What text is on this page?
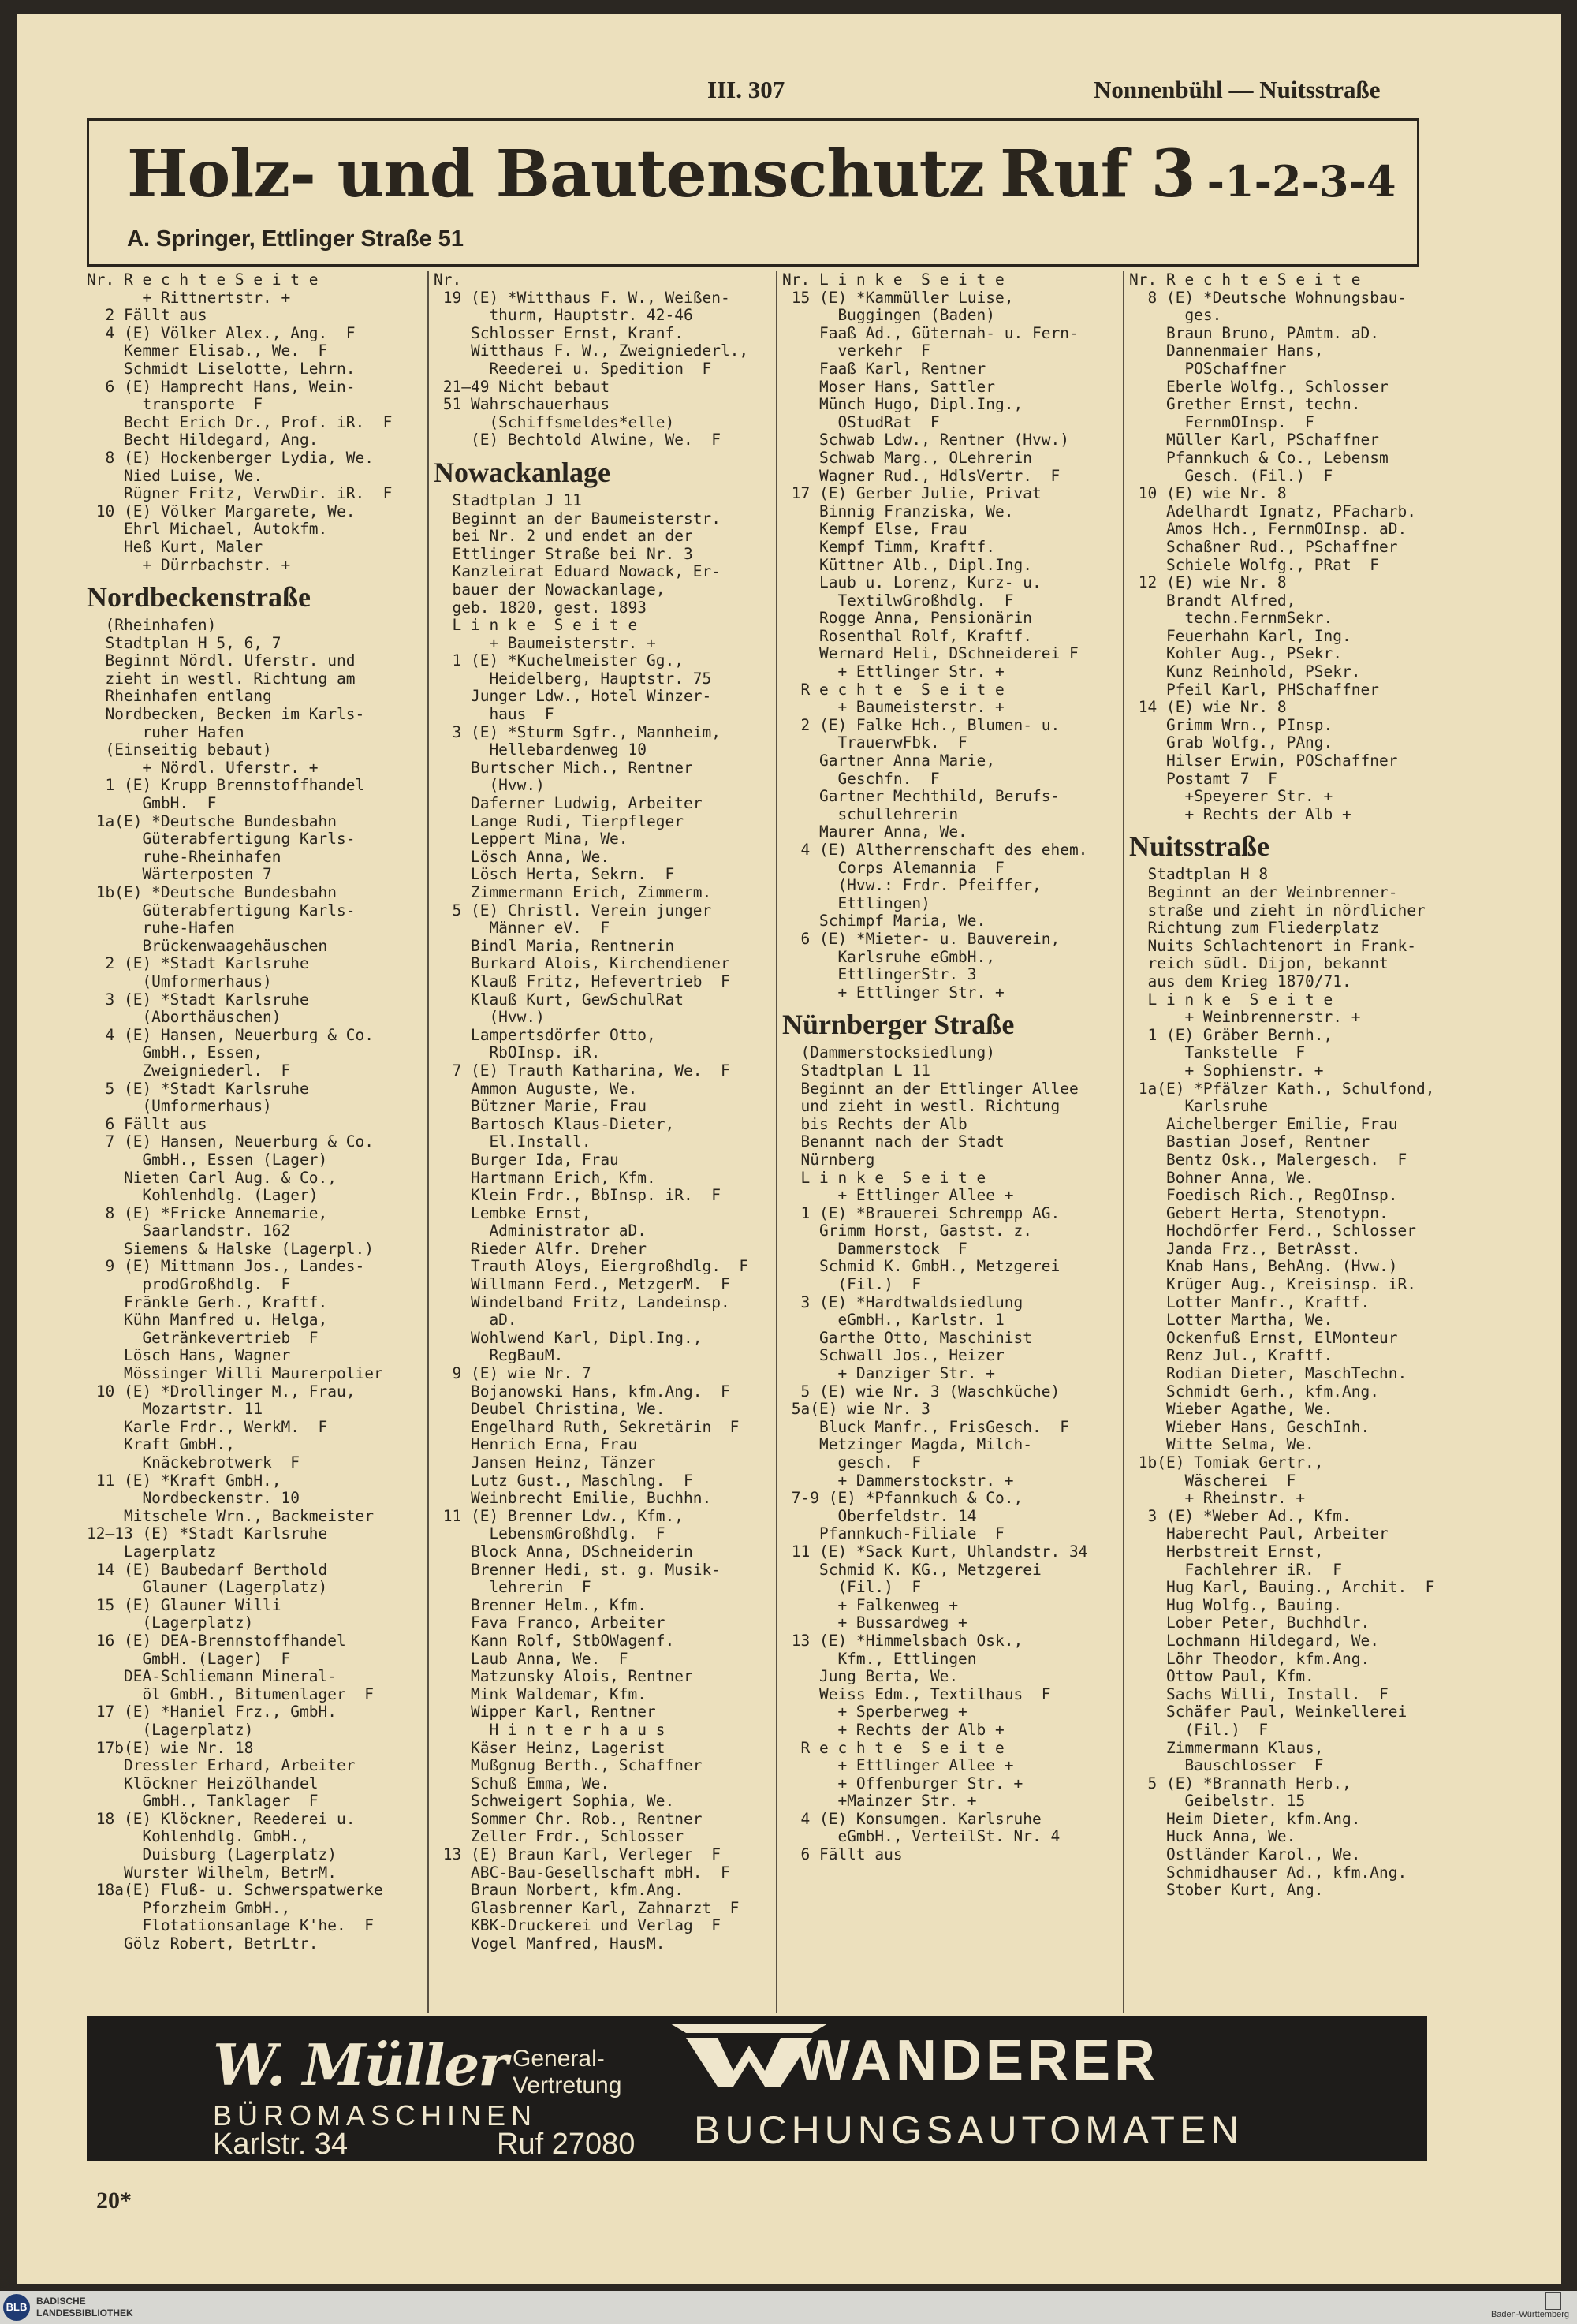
III. 307	Nonnenbühl — Nuitsstraße
Holz- und Bautenschutz Ruf 3 -1-2-3-4
A. Springer, Ettlinger Straße 51
Nr. R e c h t e S e i t e
+ Rittnertstr. +
2 Fällt aus
4 (E) Völker Alex., Ang.  F
Kemmer Elisab., We.  F
Schmidt Liselotte, Lehrn.
6 (E) Hamprecht Hans, Wein-
transporte  F
Becht Erich Dr., Prof. iR.  F
Becht Hildegard, Ang.
8 (E) Hockenberger Lydia, We.
Nied Luise, We.
Rügner Fritz, VerwDir. iR.  F
10 (E) Völker Margarete, We.
Ehrl Michael, Autokfm.
Heß Kurt, Maler
+ Dürrbachstr. +
Nordbeckenstraße
(Rheinhafen)
Stadtplan H 5, 6, 7
Beginnt Nördl. Uferstr. und
zieht in westl. Richtung am
Rheinhafen entlang
Nordbecken, Becken im Karls-
ruher Hafen
(Einseitig bebaut)
+ Nördl. Uferstr. +
1 (E) Krupp Brennstoffhandel
GmbH.  F
1a(E) *Deutsche Bundesbahn
Güterabfertigung Karls-
ruhe-Rheinhafen
Wärterposten 7
1b(E) *Deutsche Bundesbahn
Güterabfertigung Karls-
ruhe-Hafen
Brückenwaagehäuschen
2 (E) *Stadt Karlsruhe
(Umformerhaus)
3 (E) *Stadt Karlsruhe
(Aborthäuschen)
4 (E) Hansen, Neuerburg & Co.
GmbH., Essen,
Zweigniederl.  F
5 (E) *Stadt Karlsruhe
(Umformerhaus)
6 Fällt aus
7 (E) Hansen, Neuerburg & Co.
GmbH., Essen (Lager)
Nieten Carl Aug. & Co.,
Kohlenhdlg. (Lager)
8 (E) *Fricke Annemarie,
Saarlandstr. 162
Siemens & Halske (Lagerpl.)
9 (E) Mittmann Jos., Landes-
prodGroßhdlg.  F
Fränkle Gerh., Kraftf.
Kühn Manfred u. Helga,
Getränkevertrieb  F
Lösch Hans, Wagner
Mössinger Willi Maurerpolier
10 (E) *Drollinger M., Frau,
Mozartstr. 11
Karle Frdr., WerkM.  F
Kraft GmbH.,
Knäckebrotwerk  F
11 (E) *Kraft GmbH.,
Nordbeckenstr. 10
Mitschele Wrn., Backmeister
12—13 (E) *Stadt Karlsruhe
Lagerplatz
14 (E) Baubedarf Berthold
Glauner (Lagerplatz)
15 (E) Glauner Willi
(Lagerplatz)
16 (E) DEA-Brennstoffhandel
GmbH. (Lager)  F
DEA-Schliemann Mineral-
öl GmbH., Bitumenlager  F
17 (E) *Haniel Frz., GmbH.
(Lagerplatz)
17b(E) wie Nr. 18
Dressler Erhard, Arbeiter
Klöckner Heizölhandel
GmbH., Tanklager  F
18 (E) Klöckner, Reederei u.
Kohlenhdlg. GmbH.,
Duisburg (Lagerplatz)
Wurster Wilhelm, BetrM.
18a(E) Fluß- u. Schwerspatwerke
Pforzheim GmbH.,
Flotationsanlage K'he.  F
Gölz Robert, BetrLtr.
Nr.
19 (E) *Witthaus F. W., Weißen-
thurm, Hauptstr. 42-46
Schlosser Ernst, Kranf.
Witthaus F. W., Zweigniederl.,
Reederei u. Spedition  F
21—49 Nicht bebaut
51 Wahrschauerhaus
(Schiffsmeldes*elle)
(E) Bechtold Alwine, We.  F
Nowackanlage
Stadtplan J 11
Beginnt an der Baumeisterstr.
bei Nr. 2 und endet an der
Ettlinger Straße bei Nr. 3
Kanzleirat Eduard Nowack, Er-
bauer der Nowackanlage,
geb. 1820, gest. 1893
L i n k e  S e i t e
+ Baumeisterstr. +
1 (E) *Kuchelmeister Gg.,
Heidelberg, Hauptstr. 75
Junger Ldw., Hotel Winzer-
haus  F
3 (E) *Sturm Sgfr., Mannheim,
Hellebardenweg 10
Burtscher Mich., Rentner
(Hvw.)
Daferner Ludwig, Arbeiter
Lange Rudi, Tierpfleger
Leppert Mina, We.
Lösch Anna, We.
Lösch Herta, Sekrn.  F
Zimmermann Erich, Zimmerm.
5 (E) Christl. Verein junger
Männer eV.  F
Bindl Maria, Rentnerin
Burkard Alois, Kirchendiener
Klauß Fritz, Hefevertrieb  F
Klauß Kurt, GewSchulRat
(Hvw.)
Lampertsdörfer Otto,
RbOInsp. iR.
7 (E) Trauth Katharina, We.  F
Ammon Auguste, We.
Bützner Marie, Frau
Bartosch Klaus-Dieter,
El.Install.
Burger Ida, Frau
Hartmann Erich, Kfm.
Klein Frdr., BbInsp. iR.  F
Lembke Ernst,
Administrator aD.
Rieder Alfr. Dreher
Trauth Aloys, Eiergroßhdlg.  F
Willmann Ferd., MetzgerM.  F
Windelband Fritz, Landeinsp.
aD.
Wohlwend Karl, Dipl.Ing.,
RegBauM.
9 (E) wie Nr. 7
Bojanowski Hans, kfm.Ang.  F
Deubel Christina, We.
Engelhard Ruth, Sekretärin  F
Henrich Erna, Frau
Jansen Heinz, Tänzer
Lutz Gust., Maschlng.  F
Weinbrecht Emilie, Buchhn.
11 (E) Brenner Ldw., Kfm.,
LebensmGroßhdlg.  F
Block Anna, DSchneiderin
Brenner Hedi, st. g. Musik-
lehrerin  F
Brenner Helm., Kfm.
Fava Franco, Arbeiter
Kann Rolf, StbOWagenf.
Laub Anna, We.  F
Matzunsky Alois, Rentner
Mink Waldemar, Kfm.
Wipper Karl, Rentner
H i n t e r h a u s
Käser Heinz, Lagerist
Mußgnug Berth., Schaffner
Schuß Emma, We.
Schweigert Sophia, We.
Sommer Chr. Rob., Rentner
Zeller Frdr., Schlosser
13 (E) Braun Karl, Verleger  F
ABC-Bau-Gesellschaft mbH.  F
Braun Norbert, kfm.Ang.
Glasbrenner Karl, Zahnarzt  F
KBK-Druckerei und Verlag  F
Vogel Manfred, HausM.
Nr. L i n k e  S e i t e
15 (E) *Kammüller Luise,
Buggingen (Baden)
Faaß Ad., Güternah- u. Fern-
verkehr  F
Faaß Karl, Rentner
Moser Hans, Sattler
Münch Hugo, Dipl.Ing.,
OStudRat  F
Schwab Ldw., Rentner (Hvw.)
Schwab Marg., OLehrerin
Wagner Rud., HdlsVertr.  F
17 (E) Gerber Julie, Privat
Binnig Franziska, We.
Kempf Else, Frau
Kempf Timm, Kraftf.
Küttner Alb., Dipl.Ing.
Laub u. Lorenz, Kurz- u.
TextilwGroßhdlg.  F
Rogge Anna, Pensionärin
Rosenthal Rolf, Kraftf.
Wernard Heli, DSchneiderei F
+ Ettlinger Str. +
R e c h t e  S e i t e
+ Baumeisterstr. +
2 (E) Falke Hch., Blumen- u.
TrauerwFbk.  F
Gartner Anna Marie,
Geschfn.  F
Gartner Mechthild, Berufs-
schullehrerin
Maurer Anna, We.
4 (E) Altherrenschaft des ehem.
Corps Alemannia  F
(Hvw.: Frdr. Pfeiffer,
Ettlingen)
Schimpf Maria, We.
6 (E) *Mieter- u. Bauverein,
Karlsruhe eGmbH.,
EttlingerStr. 3
+ Ettlinger Str. +
Nürnberger Straße
(Dammerstocksiedlung)
Stadtplan L 11
Beginnt an der Ettlinger Allee
und zieht in westl. Richtung
bis Rechts der Alb
Benannt nach der Stadt
Nürnberg
L i n k e  S e i t e
+ Ettlinger Allee +
1 (E) *Brauerei Schrempp AG.
Grimm Horst, Gastst. z.
Dammerstock  F
Schmid K. GmbH., Metzgerei
(Fil.)  F
3 (E) *Hardtwaldsiedlung
eGmbH., Karlstr. 1
Garthe Otto, Maschinist
Schwall Jos., Heizer
+ Danziger Str. +
5 (E) wie Nr. 3 (Waschküche)
5a(E) wie Nr. 3
Bluck Manfr., FrisGesch.  F
Metzinger Magda, Milch-
gesch.  F
+ Dammerstockstr. +
7-9 (E) *Pfannkuch & Co.,
Oberfeldstr. 14
Pfannkuch-Filiale  F
11 (E) *Sack Kurt, Uhlandstr. 34
Schmid K. KG., Metzgerei
(Fil.)  F
+ Falkenweg +
+ Bussardweg +
13 (E) *Himmelsbach Osk.,
Kfm., Ettlingen
Jung Berta, We.
Weiss Edm., Textilhaus  F
+ Sperberweg +
+ Rechts der Alb +
R e c h t e  S e i t e
+ Ettlinger Allee +
+ Offenburger Str. +
+Mainzer Str. +
4 (E) Konsumgen. Karlsruhe
eGmbH., VerteilSt. Nr. 4
6 Fällt aus
Nr. R e c h t e S e i t e
8 (E) *Deutsche Wohnungsbau-
ges.
Braun Bruno, PAmtm. aD.
Dannenmaier Hans,
POSchaffner
Eberle Wolfg., Schlosser
Grether Ernst, techn.
FernmOInsp.  F
Müller Karl, PSchaffner
Pfannkuch & Co., Lebensm
Gesch. (Fil.)  F
10 (E) wie Nr. 8
Adelhardt Ignatz, PFacharb.
Amos Hch., FernmOInsp. aD.
Schaßner Rud., PSchaffner
Schiele Wolfg., PRat  F
12 (E) wie Nr. 8
Brandt Alfred,
techn.FernmSekr.
Feuerhahn Karl, Ing.
Kohler Aug., PSekr.
Kunz Reinhold, PSekr.
Pfeil Karl, PHSchaffner
14 (E) wie Nr. 8
Grimm Wrn., PInsp.
Grab Wolfg., PAng.
Hilser Erwin, POSchaffner
Postamt 7  F
+Speyerer Str. +
+ Rechts der Alb +
Nuitsstraße
Stadtplan H 8
Beginnt an der Weinbrenner-
straße und zieht in nördlicher
Richtung zum Fliederplatz
Nuits Schlachtenort in Frank-
reich südl. Dijon, bekannt
aus dem Krieg 1870/71.
L i n k e  S e i t e
+ Weinbrennerstr. +
1 (E) Gräber Bernh.,
Tankstelle  F
+ Sophienstr. +
1a(E) *Pfälzer Kath., Schulfond,
Karlsruhe
Aichelberger Emilie, Frau
Bastian Josef, Rentner
Bentz Osk., Malergesch.  F
Bohner Anna, We.
Foedisch Rich., RegOInsp.
Gebert Herta, Stenotypn.
Hochdörfer Ferd., Schlosser
Janda Frz., BetrAsst.
Knab Hans, BehAng. (Hvw.)
Krüger Aug., Kreisinsp. iR.
Lotter Manfr., Kraftf.
Lotter Martha, We.
Ockenfuß Ernst, ElMonteur
Renz Jul., Kraftf.
Rodian Dieter, MaschTechn.
Schmidt Gerh., kfm.Ang.
Wieber Agathe, We.
Wieber Hans, GeschInh.
Witte Selma, We.
1b(E) Tomiak Gertr.,
Wäscherei  F
+ Rheinstr. +
3 (E) *Weber Ad., Kfm.
Haberecht Paul, Arbeiter
Herbstreit Ernst,
Fachlehrer iR.  F
Hug Karl, Bauing., Archit.  F
Hug Wolfg., Bauing.
Lober Peter, Buchhdlr.
Lochmann Hildegard, We.
Löhr Theodor, kfm.Ang.
Ottow Paul, Kfm.
Sachs Willi, Install.  F
Schäfer Paul, Weinkellerei
(Fil.)  F
Zimmermann Klaus,
Bauschlosser  F
5 (E) *Brannath Herb.,
Geibelstr. 15
Heim Dieter, kfm.Ang.
Huck Anna, We.
Ostländer Karol., We.
Schmidhauser Ad., kfm.Ang.
Stober Kurt, Ang.
W. Müller General-
Vertretung
BÜROMASCHINEN
Karlstr. 34	Ruf 27080
WANDERER
BUCHUNGSAUTOMATEN
20*
BLB BADISCHE
LANDESBIBLIOTHEK	Baden-Württemberg
